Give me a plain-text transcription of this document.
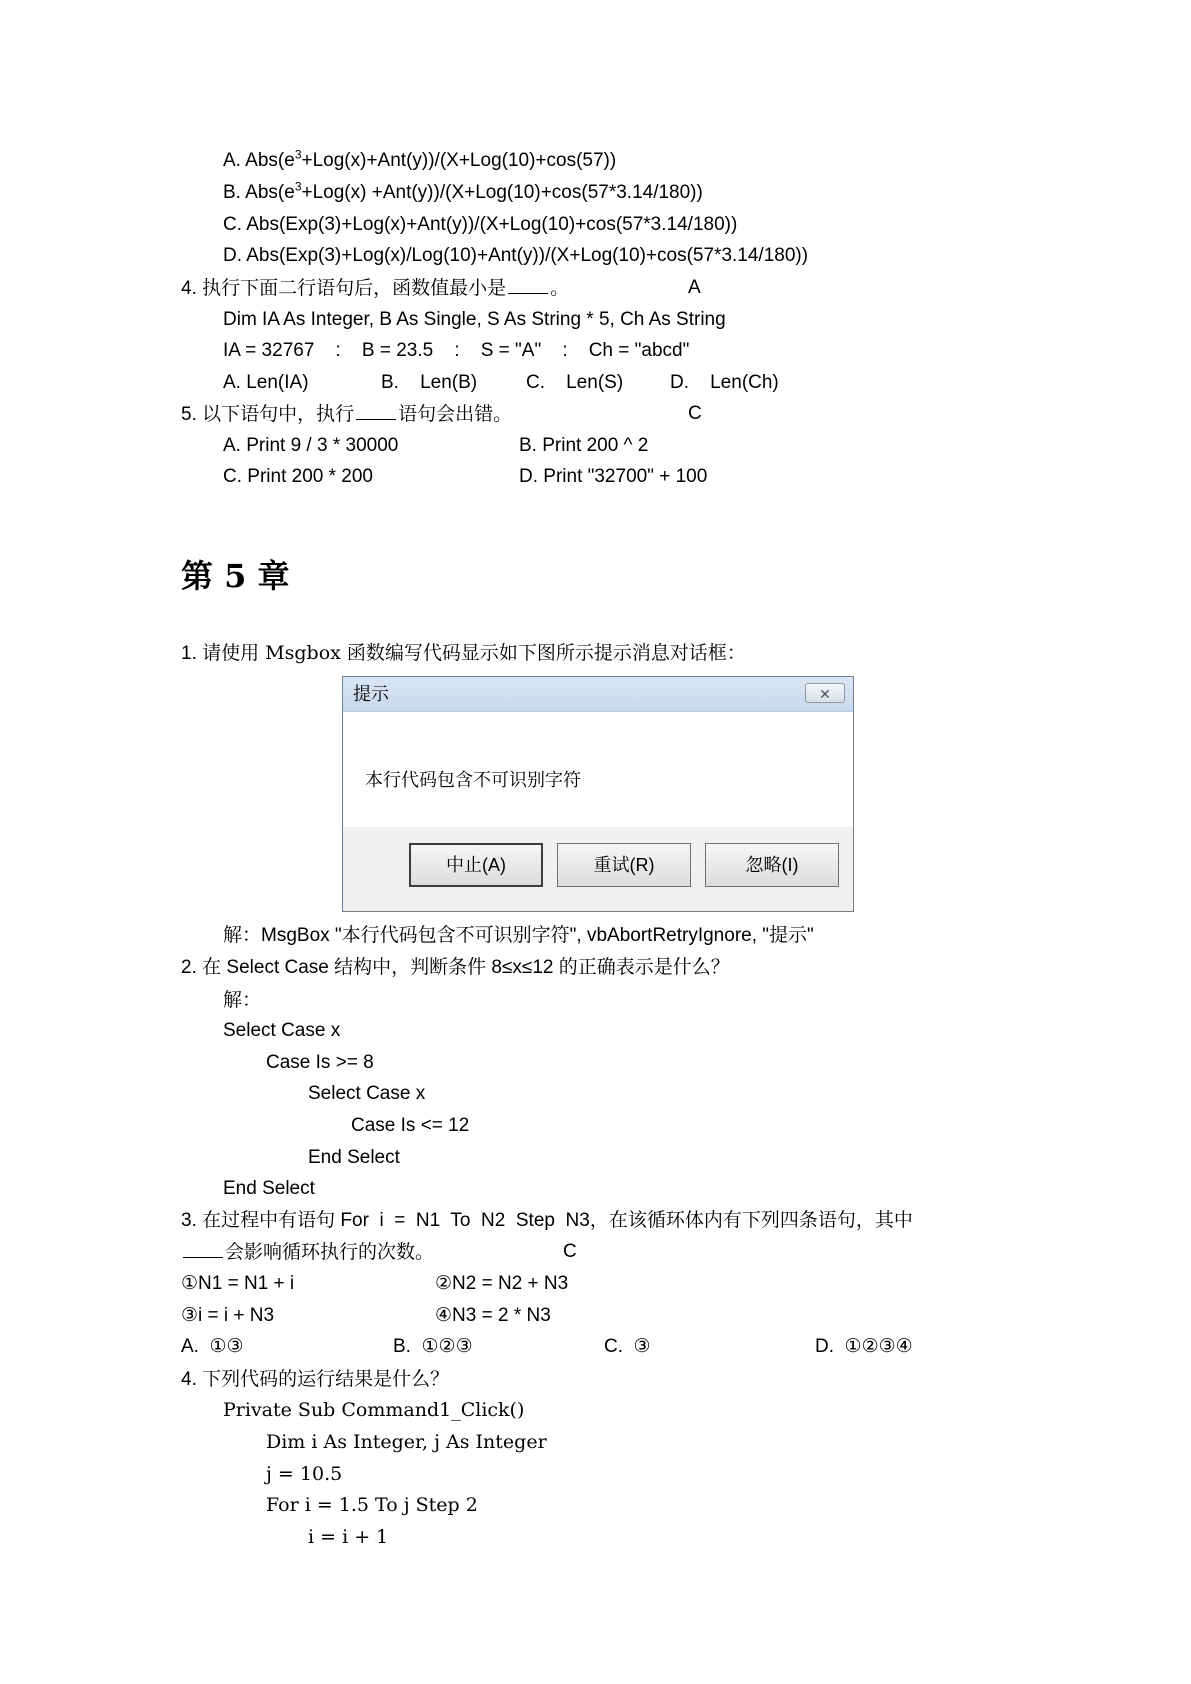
A. $Abs(e^3+Log(x)+Ant(y))/(X+Log(10)+\cos(57))$
B. $Abs(e^3+Log(x) +Ant(y))/(X+Log(10)+\cos(57*3.14/180))$
C. Abs(Exp(3)+Log(x)+Ant(y))/(X+Log(10)+cos(57*3.14/180))
D. Abs(Exp(3)+Log(x)/Log(10)+Ant(y))/(X+Log(10)+cos(57*3.14/180))
4. 执行下面二行语句后，函数值最小是 。	A
Dim IA As Integer, B As Single, S As String * 5, Ch As String
IA = 32767    :    B = 23.5    :    S = "A"    :    Ch = "abcd"
A. Len(IA)	B.    Len(B)	C.    Len(S) D.    Len(Ch)
5. 以下语句中，执行 语句会出错。	C
A. Print 9 / 3 * 30000	B. Print 200 ^ 2
C. Print 200 * 200	D. Print "32700" + 100
第 5 章
1. 请使用 Msgbox 函数编写代码显示如下图所示提示消息对话框：
提示	✕
本行代码包含不可识别字符
中止(A)	重试(R)	忽略(I)
解：MsgBox "本行代码包含不可识别字符", vbAbortRetryIgnore, "提示"
2. 在 Select Case 结构中，判断条件 8≤x≤12 的正确表示是什么？
解：
Select Case x
Case Is >= 8
Select Case x
Case Is <= 12
End Select
End Select
3. 在过程中有语句 For  i  =  N1  To  N2  Step  N3，在该循环体内有下列四条语句，其中
会影响循环执行的次数。	C
①N1 = N1 + i	②N2 = N2 + N3
③i = i + N3	④N3 = 2 * N3
A.  ①③	B.  ①②③	C.  ③	D.  ①②③④
4. 下列代码的运行结果是什么？
Private Sub Command1_Click()
Dim i As Integer, j As Integer
j = 10.5
For i = 1.5 To j Step 2
i = i + 1
